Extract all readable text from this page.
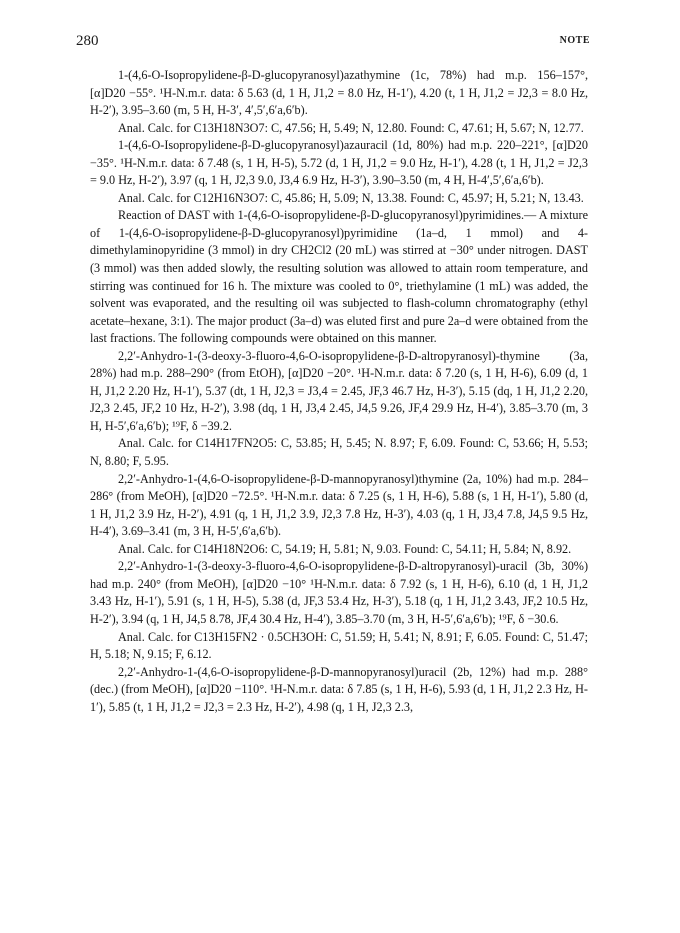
280	NOTE

1-(4,6-O-Isopropylidene-β-D-glucopyranosyl)azathymine (1c, 78%) had m.p. 156–157°, [α]D20 −55°. ¹H-N.m.r. data: δ 5.63 (d, 1 H, J1,2 = 8.0 Hz, H-1′), 4.20 (t, 1 H, J1,2 = J2,3 = 8.0 Hz, H-2′), 3.95–3.60 (m, 5 H, H-3′, 4′,5′,6′a,6′b).

Anal. Calc. for C13H18N3O7: C, 47.56; H, 5.49; N, 12.80. Found: C, 47.61; H, 5.67; N, 12.77.

1-(4,6-O-Isopropylidene-β-D-glucopyranosyl)azauracil (1d, 80%) had m.p. 220–221°, [α]D20 −35°. ¹H-N.m.r. data: δ 7.48 (s, 1 H, H-5), 5.72 (d, 1 H, J1,2 = 9.0 Hz, H-1′), 4.28 (t, 1 H, J1,2 = J2,3 = 9.0 Hz, H-2′), 3.97 (q, 1 H, J2,3 9.0, J3,4 6.9 Hz, H-3′), 3.90–3.50 (m, 4 H, H-4′,5′,6′a,6′b).

Anal. Calc. for C12H16N3O7: C, 45.86; H, 5.09; N, 13.38. Found: C, 45.97; H, 5.21; N, 13.43.

Reaction of DAST with 1-(4,6-O-isopropylidene-β-D-glucopyranosyl)pyrimidines.— A mixture of 1-(4,6-O-isopropylidene-β-D-glucopyranosyl)pyrimidine (1a–d, 1 mmol) and 4-dimethylaminopyridine (3 mmol) in dry CH2Cl2 (20 mL) was stirred at −30° under nitrogen. DAST (3 mmol) was then added slowly, the resulting solution was allowed to attain room temperature, and stirring was continued for 16 h. The mixture was cooled to 0°, triethylamine (1 mL) was added, the solvent was evaporated, and the resulting oil was subjected to flash-column chromatography (ethyl acetate–hexane, 3:1). The major product (3a–d) was eluted first and pure 2a–d were obtained from the last fractions. The following compounds were obtained on this manner.

2,2′-Anhydro-1-(3-deoxy-3-fluoro-4,6-O-isopropylidene-β-D-altropyranosyl)-thymine (3a, 28%) had m.p. 288–290° (from EtOH), [α]D20 −20°. ¹H-N.m.r. data: δ 7.20 (s, 1 H, H-6), 6.09 (d, 1 H, J1,2 2.20 Hz, H-1′), 5.37 (dt, 1 H, J2,3 = J3,4 = 2.45, JF,3 46.7 Hz, H-3′), 5.15 (dq, 1 H, J1,2 2.20, J2,3 2.45, JF,2 10 Hz, H-2′), 3.98 (dq, 1 H, J3,4 2.45, J4,5 9.26, JF,4 29.9 Hz, H-4′), 3.85–3.70 (m, 3 H, H-5′,6′a,6′b); ¹⁹F, δ −39.2.

Anal. Calc. for C14H17FN2O5: C, 53.85; H, 5.45; N. 8.97; F, 6.09. Found: C, 53.66; H, 5.53; N, 8.80; F, 5.95.

2,2′-Anhydro-1-(4,6-O-isopropylidene-β-D-mannopyranosyl)thymine (2a, 10%) had m.p. 284–286° (from MeOH), [α]D20 −72.5°. ¹H-N.m.r. data: δ 7.25 (s, 1 H, H-6), 5.88 (s, 1 H, H-1′), 5.80 (d, 1 H, J1,2 3.9 Hz, H-2′), 4.91 (q, 1 H, J1,2 3.9, J2,3 7.8 Hz, H-3′), 4.03 (q, 1 H, J3,4 7.8, J4,5 9.5 Hz, H-4′), 3.69–3.41 (m, 3 H, H-5′,6′a,6′b).

Anal. Calc. for C14H18N2O6: C, 54.19; H, 5.81; N, 9.03. Found: C, 54.11; H, 5.84; N, 8.92.

2,2′-Anhydro-1-(3-deoxy-3-fluoro-4,6-O-isopropylidene-β-D-altropyranosyl)-uracil (3b, 30%) had m.p. 240° (from MeOH), [α]D20 −10° ¹H-N.m.r. data: δ 7.92 (s, 1 H, H-6), 6.10 (d, 1 H, J1,2 3.43 Hz, H-1′), 5.91 (s, 1 H, H-5), 5.38 (d, JF,3 53.4 Hz, H-3′), 5.18 (q, 1 H, J1,2 3.43, JF,2 10.5 Hz, H-2′), 3.94 (q, 1 H, J4,5 8.78, JF,4 30.4 Hz, H-4′), 3.85–3.70 (m, 3 H, H-5′,6′a,6′b); ¹⁹F, δ −30.6.

Anal. Calc. for C13H15FN2 · 0.5CH3OH: C, 51.59; H, 5.41; N, 8.91; F, 6.05. Found: C, 51.47; H, 5.18; N, 9.15; F, 6.12.

2,2′-Anhydro-1-(4,6-O-isopropylidene-β-D-mannopyranosyl)uracil (2b, 12%) had m.p. 288° (dec.) (from MeOH), [α]D20 −110°. ¹H-N.m.r. data: δ 7.85 (s, 1 H, H-6), 5.93 (d, 1 H, J1,2 2.3 Hz, H-1′), 5.85 (t, 1 H, J1,2 = J2,3 = 2.3 Hz, H-2′), 4.98 (q, 1 H, J2,3 2.3,
